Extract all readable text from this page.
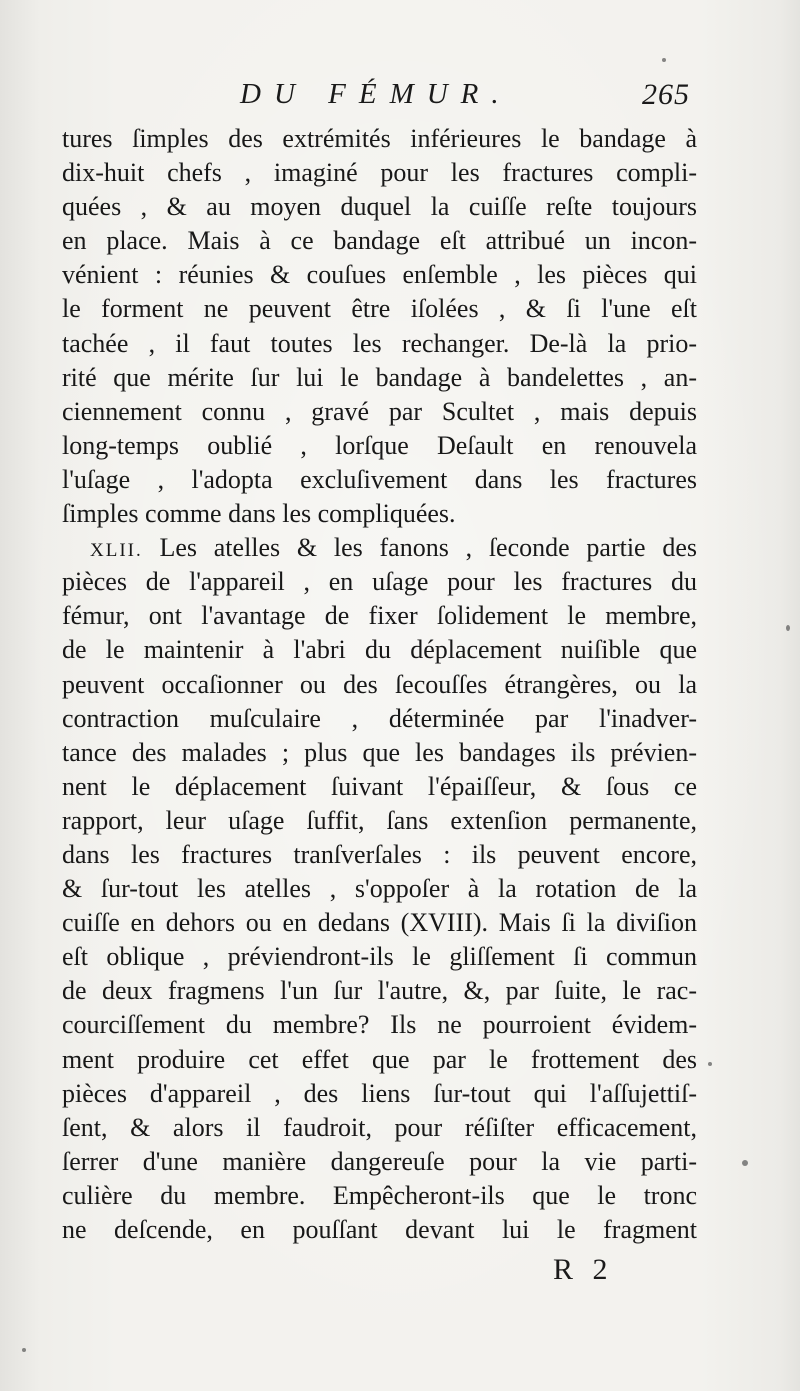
DU FÉMUR.	265
tures ſimples des extrémités inférieures le bandage à
dix-huit chefs , imaginé pour les fractures compli-
quées , & au moyen duquel la cuiſſe reſte toujours
en place. Mais à ce bandage eſt attribué un incon-
vénient : réunies & couſues enſemble , les pièces qui
le forment ne peuvent être iſolées , & ſi l'une eſt
tachée , il faut toutes les rechanger. De-là la prio-
rité que mérite ſur lui le bandage à bandelettes , an-
ciennement connu , gravé par Scultet , mais depuis
long-temps oublié , lorſque Deſault en renouvela
l'uſage , l'adopta excluſivement dans les fractures
ſimples comme dans les compliquées.
XLII. Les atelles & les fanons , ſeconde partie des
pièces de l'appareil , en uſage pour les fractures du
fémur, ont l'avantage de fixer ſolidement le membre,
de le maintenir à l'abri du déplacement nuiſible que
peuvent occaſionner ou des ſecouſſes étrangères, ou la
contraction muſculaire , déterminée par l'inadver-
tance des malades ; plus que les bandages ils prévien-
nent le déplacement ſuivant l'épaiſſeur, & ſous ce
rapport, leur uſage ſuffit, ſans extenſion permanente,
dans les fractures tranſverſales : ils peuvent encore,
& ſur-tout les atelles , s'oppoſer à la rotation de la
cuiſſe en dehors ou en dedans (XVIII). Mais ſi la diviſion
eſt oblique , préviendront-ils le gliſſement ſi commun
de deux fragmens l'un ſur l'autre, &, par ſuite, le rac-
courciſſement du membre? Ils ne pourroient évidem-
ment produire cet effet que par le frottement des
pièces d'appareil , des liens ſur-tout qui l'aſſujettiſ-
ſent, & alors il faudroit, pour réſiſter efficacement,
ſerrer d'une manière dangereuſe pour la vie parti-
culière du membre. Empêcheront-ils que le tronc
ne deſcende, en pouſſant devant lui le fragment
R 2
